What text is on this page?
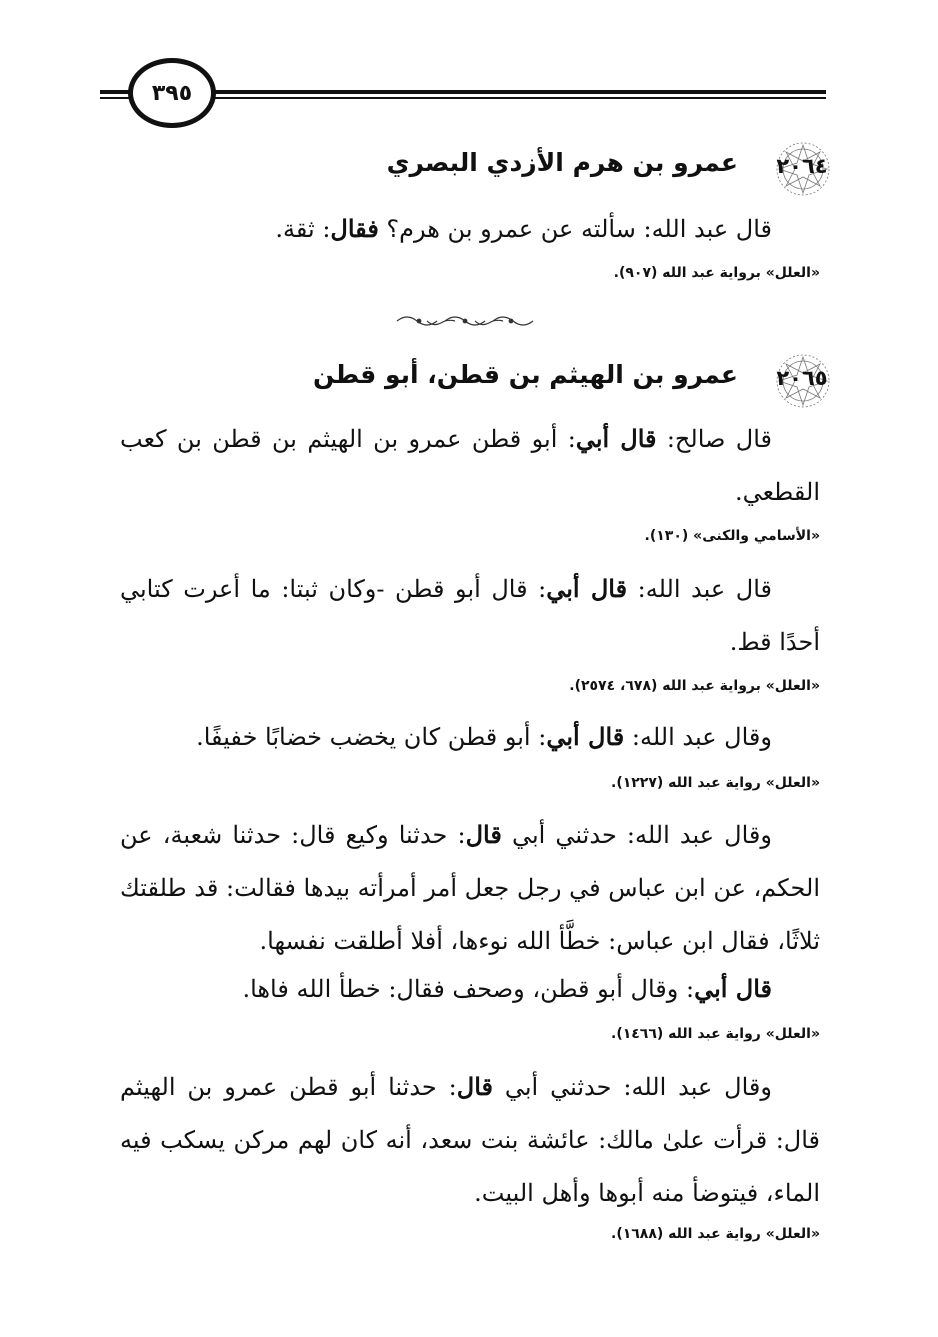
٣٩٥
٢٠٦٤
عمرو بن هرم الأزدي البصري
قال عبد الله: سألته عن عمرو بن هرم؟ فقال: ثقة.
«العلل» برواية عبد الله (٩٠٧).
٢٠٦٥
عمرو بن الهيثم بن قطن، أبو قطن
قال صالح: قال أبي: أبو قطن عمرو بن الهيثم بن قطن بن كعب القطعي.
«الأسامي والكنى» (١٣٠).
قال عبد الله: قال أبي: قال أبو قطن -وكان ثبتا: ما أعرت كتابي أحدًا قط.
«العلل» برواية عبد الله (٦٧٨، ٢٥٧٤).
وقال عبد الله: قال أبي: أبو قطن كان يخضب خضابًا خفيفًا.
«العلل» رواية عبد الله (١٢٢٧).
وقال عبد الله: حدثني أبي قال: حدثنا وكيع قال: حدثنا شعبة، عن الحكم، عن ابن عباس في رجل جعل أمر أمرأته بيدها فقالت: قد طلقتك ثلاثًا، فقال ابن عباس: خطَّأ الله نوءها، أفلا أطلقت نفسها.
قال أبي: وقال أبو قطن، وصحف فقال: خطأ الله فاها.
«العلل» رواية عبد الله (١٤٦٦).
وقال عبد الله: حدثني أبي قال: حدثنا أبو قطن عمرو بن الهيثم قال: قرأت علىٰ مالك: عائشة بنت سعد، أنه كان لهم مركن يسكب فيه الماء، فيتوضأ منه أبوها وأهل البيت.
«العلل» رواية عبد الله (١٦٨٨).
